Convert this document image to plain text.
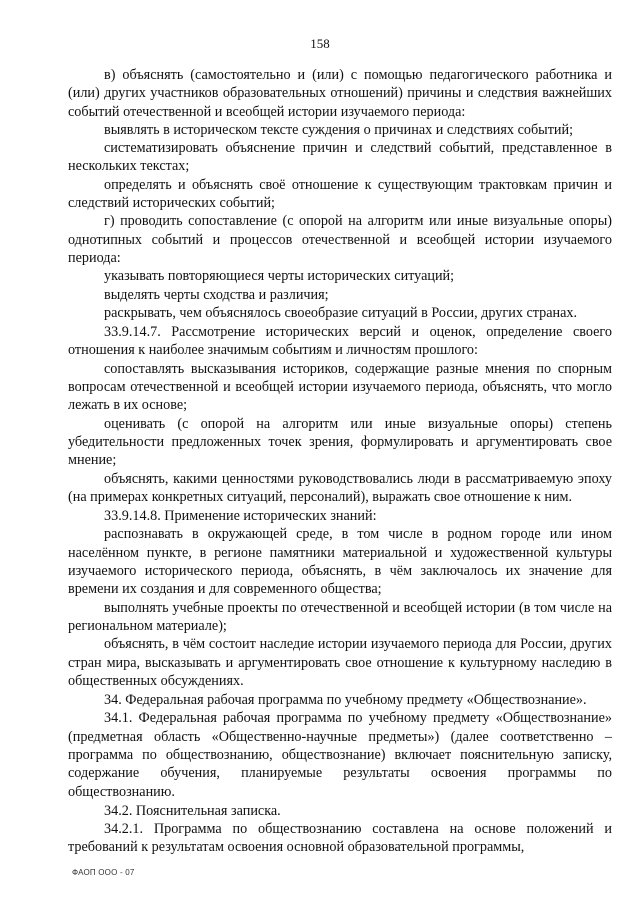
158

в) объяснять (самостоятельно и (или) с помощью педагогического работника и (или) других участников образовательных отношений) причины и следствия важнейших событий отечественной и всеобщей истории изучаемого периода:

выявлять в историческом тексте суждения о причинах и следствиях событий;

систематизировать объяснение причин и следствий событий, представленное в нескольких текстах;

определять и объяснять своё отношение к существующим трактовкам причин и следствий исторических событий;

г) проводить сопоставление (с опорой на алгоритм или иные визуальные опоры) однотипных событий и процессов отечественной и всеобщей истории изучаемого периода:

указывать повторяющиеся черты исторических ситуаций;

выделять черты сходства и различия;

раскрывать, чем объяснялось своеобразие ситуаций в России, других странах.

33.9.14.7. Рассмотрение исторических версий и оценок, определение своего отношения к наиболее значимым событиям и личностям прошлого:

сопоставлять высказывания историков, содержащие разные мнения по спорным вопросам отечественной и всеобщей истории изучаемого периода, объяснять, что могло лежать в их основе;

оценивать (с опорой на алгоритм или иные визуальные опоры) степень убедительности предложенных точек зрения, формулировать и аргументировать свое мнение;

объяснять, какими ценностями руководствовались люди в рассматриваемую эпоху (на примерах конкретных ситуаций, персоналий), выражать свое отношение к ним.

33.9.14.8. Применение исторических знаний:

распознавать в окружающей среде, в том числе в родном городе или ином населённом пункте, в регионе памятники материальной и художественной культуры изучаемого исторического периода, объяснять, в чём заключалось их значение для времени их создания и для современного общества;

выполнять учебные проекты по отечественной и всеобщей истории (в том числе на региональном материале);

объяснять, в чём состоит наследие истории изучаемого периода для России, других стран мира, высказывать и аргументировать свое отношение к культурному наследию в общественных обсуждениях.

34. Федеральная рабочая программа по учебному предмету «Обществознание».

34.1. Федеральная рабочая программа по учебному предмету «Обществознание» (предметная область «Общественно-научные предметы») (далее соответственно – программа по обществознанию, обществознание) включает пояснительную записку, содержание обучения, планируемые результаты освоения программы по обществознанию.

34.2. Пояснительная записка.

34.2.1. Программа по обществознанию составлена на основе положений и требований к результатам освоения основной образовательной программы,

ФАОП ООО - 07
